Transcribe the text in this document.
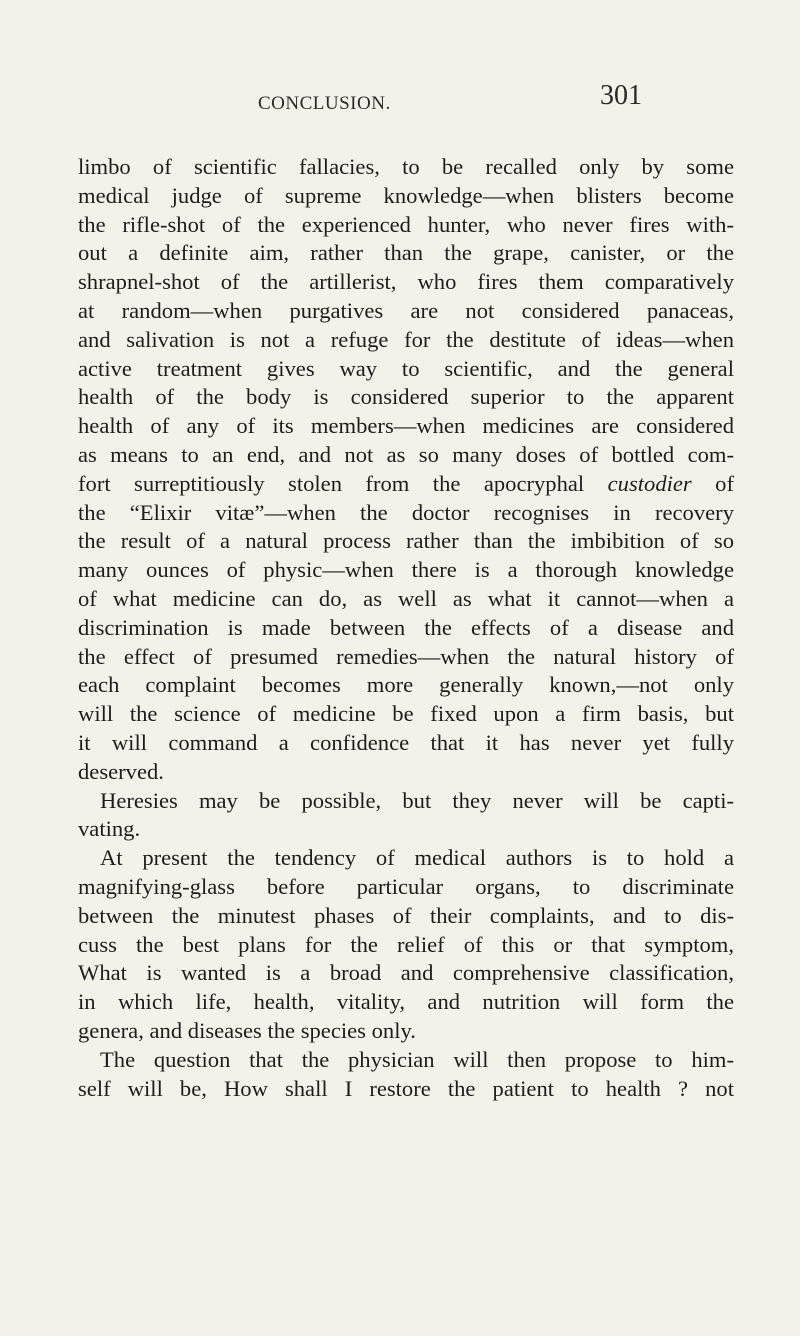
CONCLUSION.	301
limbo of scientific fallacies, to be recalled only by some
medical judge of supreme knowledge—when blisters become
the rifle-shot of the experienced hunter, who never fires with-
out a definite aim, rather than the grape, canister, or the
shrapnel-shot of the artillerist, who fires them comparatively
at random—when purgatives are not considered panaceas,
and salivation is not a refuge for the destitute of ideas—when
active treatment gives way to scientific, and the general
health of the body is considered superior to the apparent
health of any of its members—when medicines are considered
as means to an end, and not as so many doses of bottled com-
fort surreptitiously stolen from the apocryphal custodier of
the “Elixir vitæ”—when the doctor recognises in recovery
the result of a natural process rather than the imbibition of so
many ounces of physic—when there is a thorough knowledge
of what medicine can do, as well as what it cannot—when a
discrimination is made between the effects of a disease and
the effect of presumed remedies—when the natural history of
each complaint becomes more generally known,—not only
will the science of medicine be fixed upon a firm basis, but
it will command a confidence that it has never yet fully
deserved.
Heresies may be possible, but they never will be capti-
vating.
At present the tendency of medical authors is to hold a
magnifying-glass before particular organs, to discriminate
between the minutest phases of their complaints, and to dis-
cuss the best plans for the relief of this or that symptom,
What is wanted is a broad and comprehensive classification,
in which life, health, vitality, and nutrition will form the
genera, and diseases the species only.
The question that the physician will then propose to him-
self will be, How shall I restore the patient to health ? not
